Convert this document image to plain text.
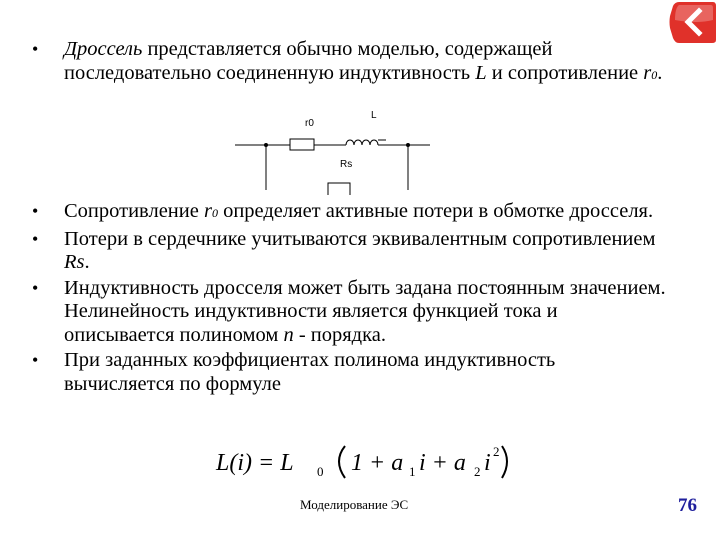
• Дроссель представляется обычно моделью, содержащей последовательно соединенную индуктивность L и сопротивление r0.
r0
L
Rs
• Сопротивление r0 определяет активные потери в обмотке дросселя.
• Потери в сердечнике учитываются эквивалентным сопротивлением Rs.
• Индуктивность дросселя может быть задана постоянным значением. Нелинейность индуктивности является функцией тока и описывается полиномом n - порядка.
• При заданных коэффициентах полинома индуктивность вычисляется по формуле
L(i) = L 0 1 + a 1 i + a 2 i 2
Моделирование ЭС	76
